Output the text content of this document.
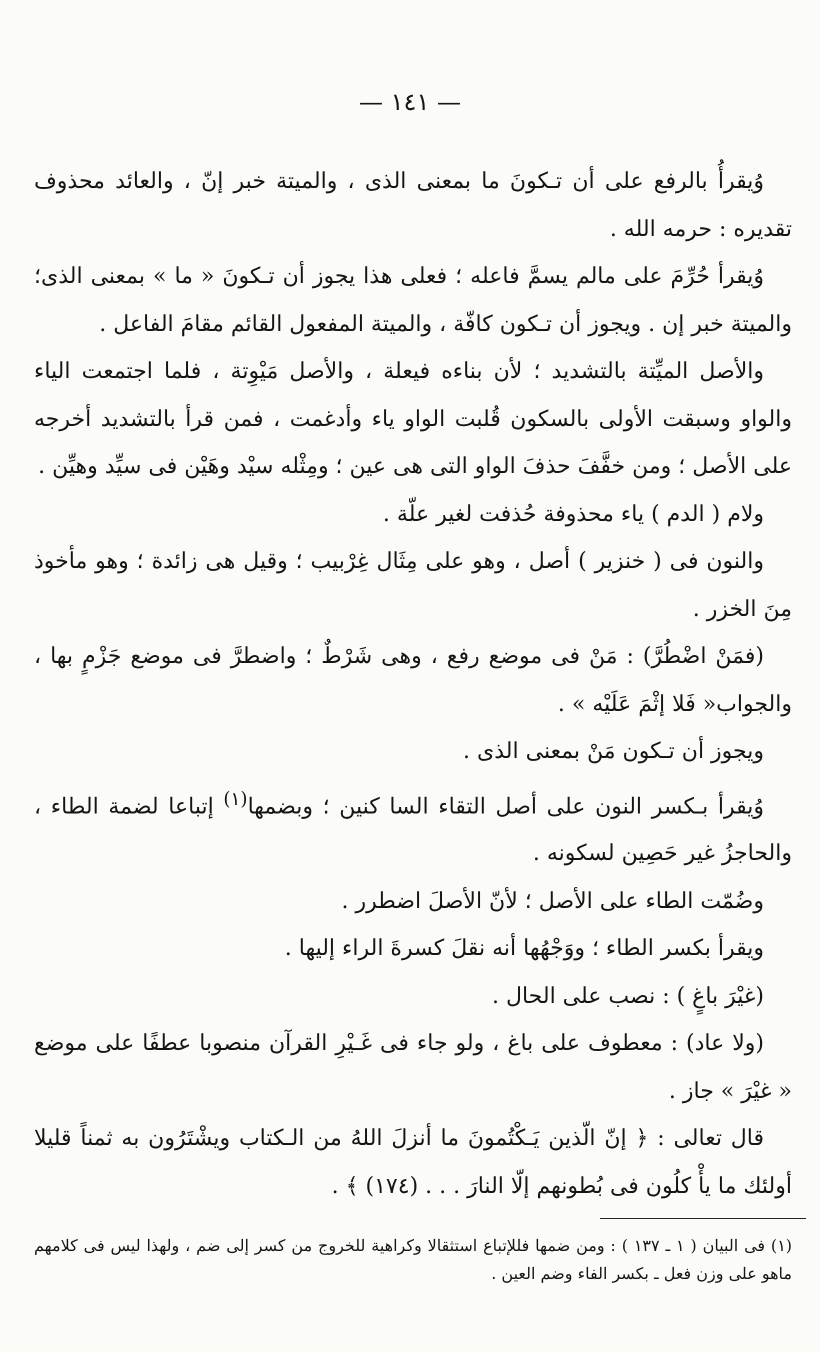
— ١٤١ —

وُيقرأُ بالرفع على أن تـكونَ ما بمعنى الذى ، والميتة خبر إنّ ، والعائد محذوف تقديره : حرمه الله .

وُيقرأ حُرِّمَ على مالم يسمَّ فاعله ؛ فعلى هذا يجوز أن تـكونَ « ما » بمعنى الذى؛ والميتة خبر إن . ويجوز أن تـكون كافّة ، والميتة المفعول القائم مقامَ الفاعل .

والأصل الميِّتة بالتشديد ؛ لأن بناءه فيعلة ، والأصل مَيْوِتة ، فلما اجتمعت الياء والواو وسبقت الأولى بالسكون قُلبت الواو ياء وأدغمت ، فمن قرأ بالتشديد أخرجه على الأصل ؛ ومن خفَّفَ حذفَ الواو التى هى عين ؛ ومِثْله سيْد وهَيْن فى سيِّد وهيِّن .

ولام ( الدم ) ياء محذوفة حُذفت لغير علّة .

والنون فى ( خنزير ) أصل ، وهو على مِثَال غِرْبيب ؛ وقيل هى زائدة ؛ وهو مأخوذ مِنَ الخزر .

(فمَنْ اضْطُرَّ) : مَنْ فى موضع رفع ، وهى شَرْطٌ ؛ واضطرَّ فى موضع جَزْمٍ بها ، والجواب« فَلا إثْمَ عَلَيْه » .

ويجوز أن تـكون مَنْ بمعنى الذى .

وُيقرأ بـكسر النون على أصل التقاء السا كنين ؛ وبضمها$^{(١)}$ إتباعا لضمة الطاء ، والحاجزُ غير حَصِين لسكونه .

وضُمّت الطاء على الأصل ؛ لأنّ الأصلَ اضطرر .

ويقرأ بكسر الطاء ؛ ووَجْهُها أنه نقلَ كسرةَ الراء إليها .

(غيْرَ باغٍ ) : نصب على الحال .

(ولا عاد) : معطوف على باغ ، ولو جاء فى غَـيْرِ القرآن منصوبا عطفًا على موضع « غيْرَ » جاز .

قال تعالى : ﴿ إنّ الّذين يَـكْتُمونَ ما أنزلَ اللهُ من الـكتاب ويشْتَرُون به ثمناً قليلا أولئك ما يأْ كلُون فى بُطونهم إلّا النارَ . . . (١٧٤) ﴾ .

(١) فى البيان ( ١ ـ ١٣٧ ) : ومن ضمها فللإتباع استثقالا وكراهية للخروج من كسر إلى ضم ، ولهذا ليس فى كلامهم ماهو على وزن فعل ـ بكسر الفاء وضم العين .
